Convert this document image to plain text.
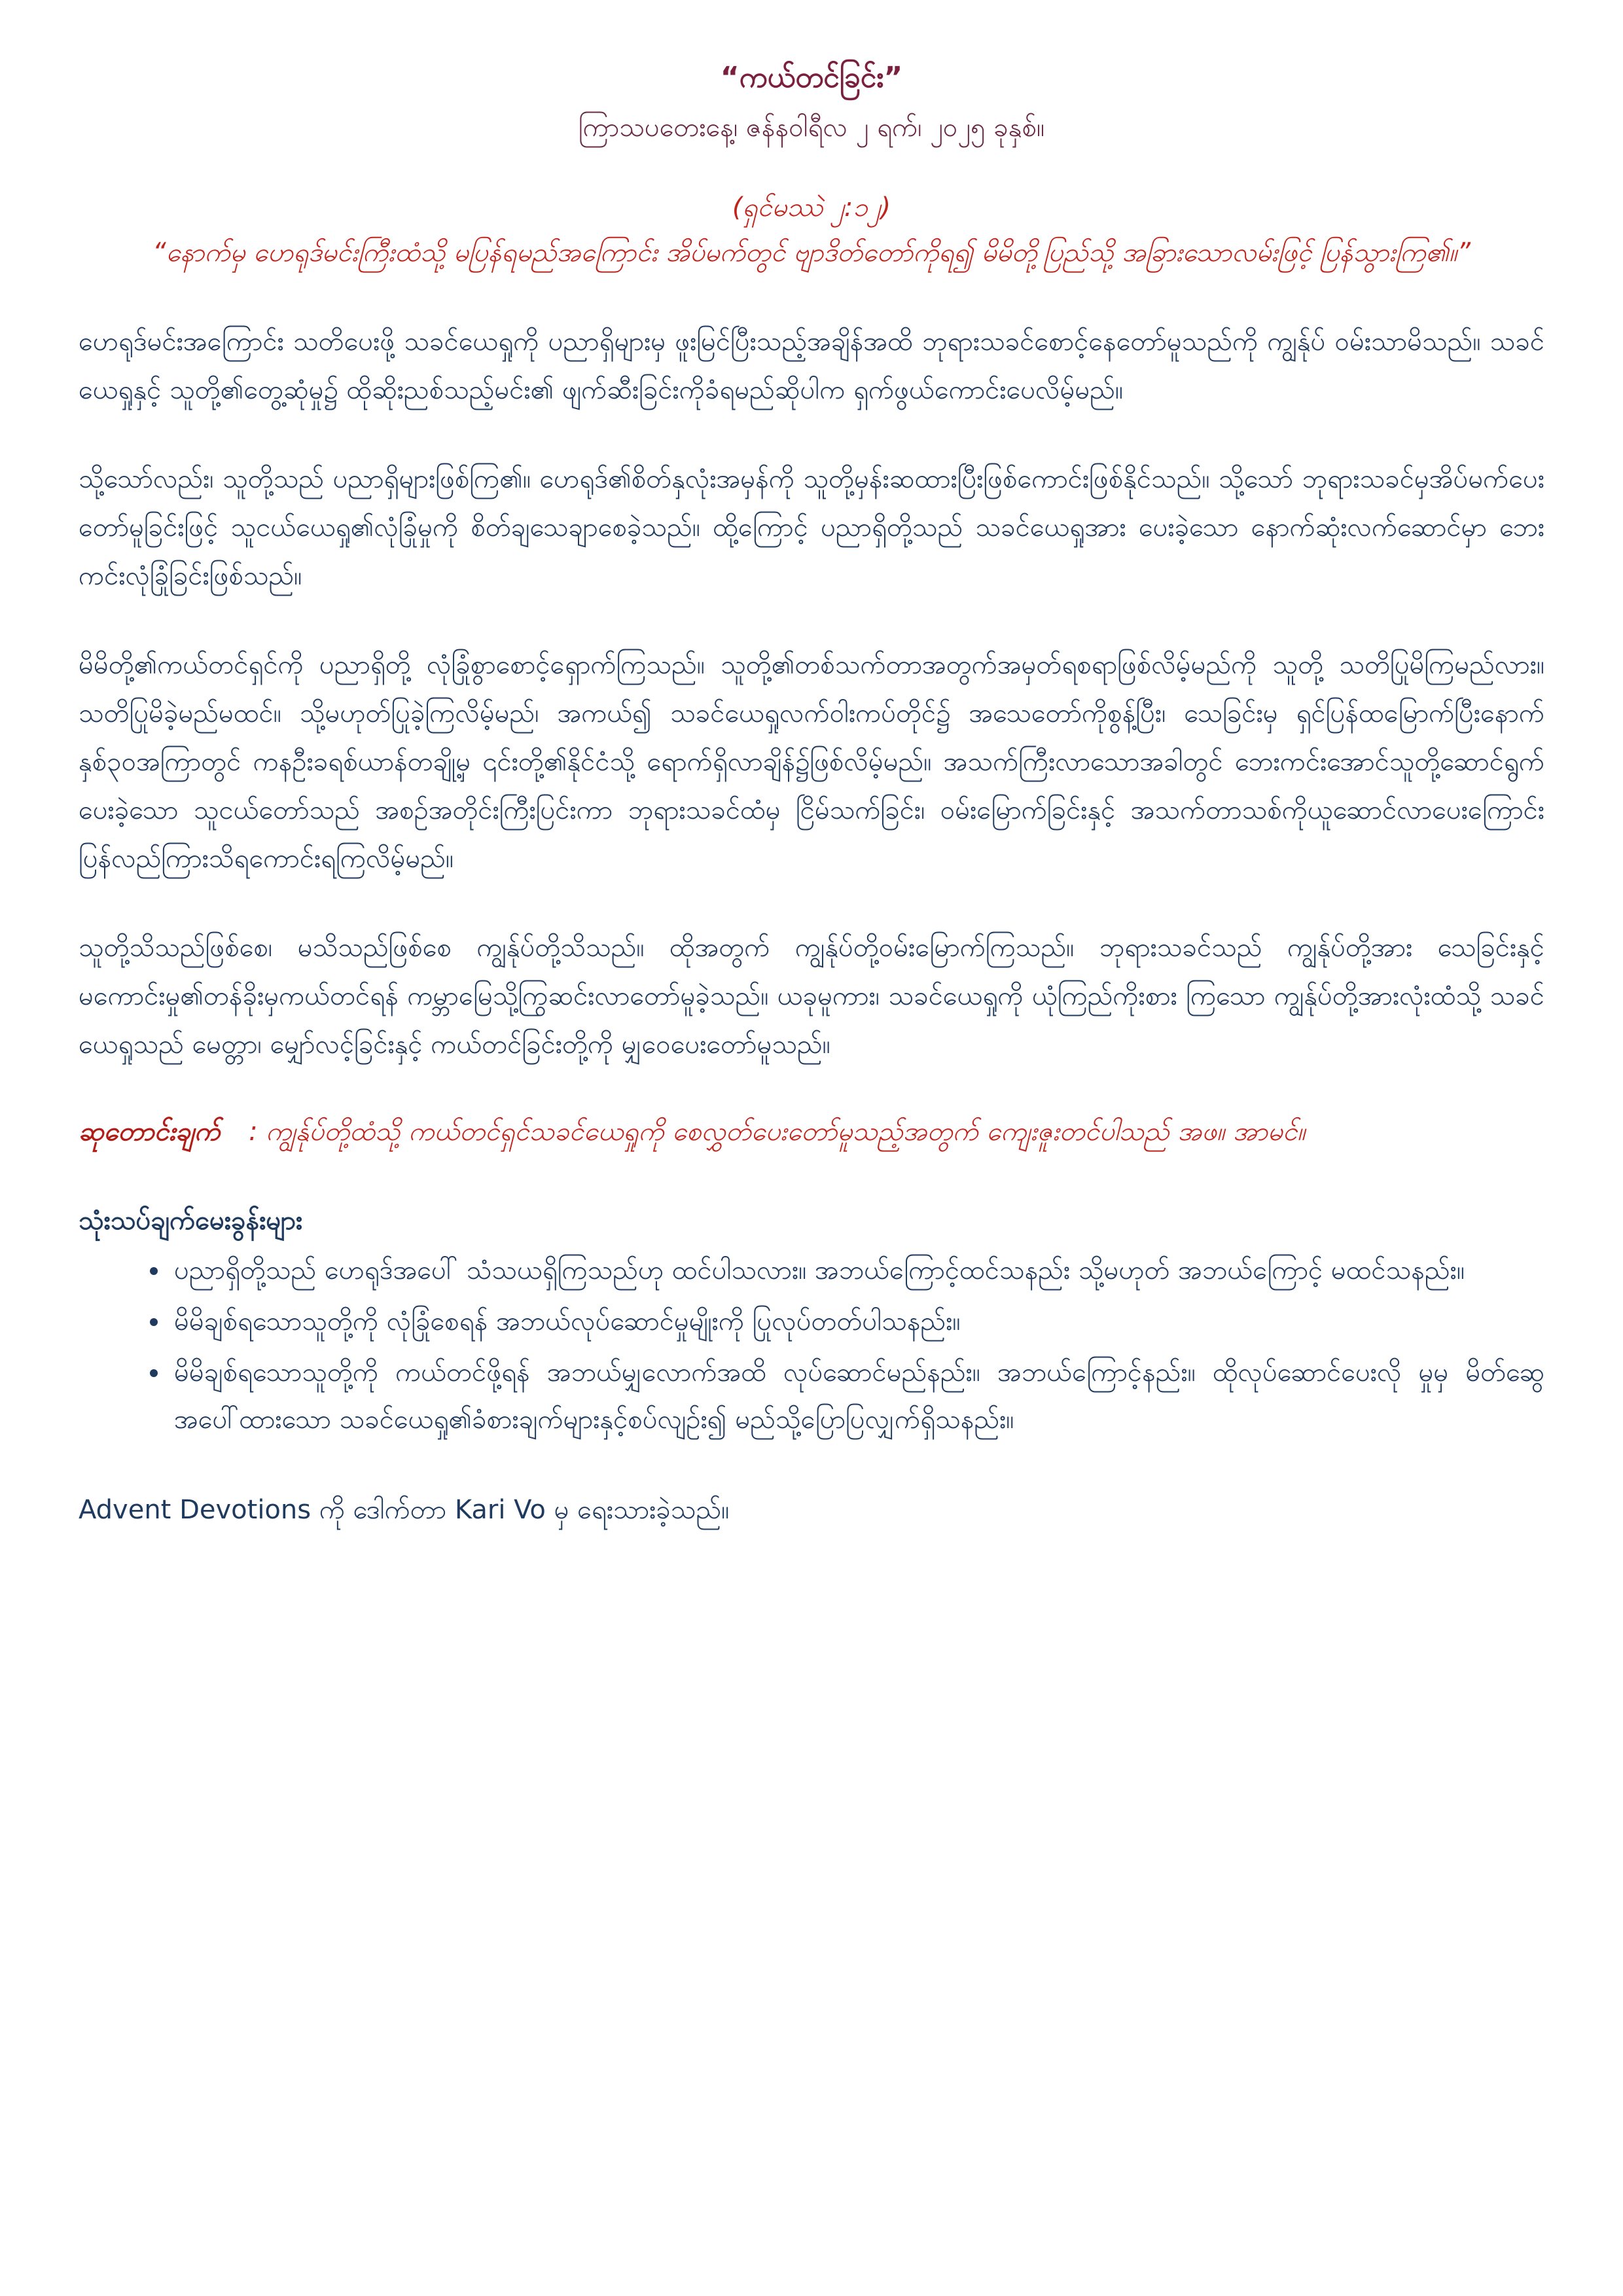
“ကယ်တင်ခြင်း”

ကြာသပတေးနေ့၊ ဇန်နဝါရီလ ၂ ရက်၊ ၂၀၂၅ ခုနှစ်။

(ရှင်မဿဲ ၂:၁၂)

“နောက်မှ ဟေရုဒ်မင်းကြီးထံသို့ မပြန်ရမည်အကြောင်း အိပ်မက်တွင် ဗျာဒိတ်တော်ကိုရ၍ မိမိတို့ပြည်သို့ အခြားသောလမ်းဖြင့် ပြန်သွားကြ၏။”

ဟေရုဒ်မင်းအကြောင်း သတိပေးဖို့ သခင်ယေရှုကို ပညာရှိများမှ ဖူးမြင်ပြီးသည့်အချိန်အထိ ဘုရားသခင်စောင့်နေတော်မူသည်ကို ကျွန်ုပ် ဝမ်းသာမိသည်။ သခင်ယေရှုနှင့် သူတို့၏တွေ့ဆုံမှု၌ ထိုဆိုးညစ်သည့်မင်း၏ ဖျက်ဆီးခြင်းကိုခံရမည်ဆိုပါက ရှက်ဖွယ်ကောင်းပေလိမ့်မည်။

သို့သော်လည်း၊ သူတို့သည် ပညာရှိများဖြစ်ကြ၏။ ဟေရုဒ်၏စိတ်နှလုံးအမှန်ကို သူတို့မှန်းဆထားပြီးဖြစ်ကောင်းဖြစ်နိုင်သည်။ သို့သော် ဘုရားသခင်မှအိပ်မက်ပေးတော်မူခြင်းဖြင့် သူငယ်ယေရှု၏လုံခြုံမှုကို စိတ်ချသေချာစေခဲ့သည်။ ထို့ကြောင့် ပညာရှိတို့သည် သခင်ယေရှုအား ပေးခဲ့သော နောက်ဆုံးလက်ဆောင်မှာ ဘေးကင်းလုံခြုံခြင်းဖြစ်သည်။

မိမိတို့၏ကယ်တင်ရှင်ကို ပညာရှိတို့ လုံခြုံစွာစောင့်ရှောက်ကြသည်။ သူတို့၏တစ်သက်တာအတွက်အမှတ်ရစရာဖြစ်လိမ့်မည်ကို သူတို့ သတိပြုမိကြမည်လား။ သတိပြုမိခဲ့မည်မထင်။ သို့မဟုတ်ပြုခဲ့ကြလိမ့်မည်၊ အကယ်၍ သခင်ယေရှုလက်ဝါးကပ်တိုင်၌ အသေတော်ကိုစွန့်ပြီး၊ သေခြင်းမှ ရှင်ပြန်ထမြောက်ပြီးနောက် နှစ်၃၀အကြာတွင် ကနဦးခရစ်ယာန်တချို့မှ ၎င်းတို့၏နိုင်ငံသို့ ရောက်ရှိလာချိန်၌ဖြစ်လိမ့်မည်။ အသက်ကြီးလာသောအခါတွင် ဘေးကင်းအောင်သူတို့ဆောင်ရွက်ပေးခဲ့သော သူငယ်တော်သည် အစဉ်အတိုင်းကြီးပြင်းကာ ဘုရားသခင်ထံမှ ငြိမ်သက်ခြင်း၊ ဝမ်းမြောက်ခြင်းနှင့် အသက်တာသစ်ကိုယူဆောင်လာပေးကြောင်း ပြန်လည်ကြားသိရကောင်းရကြလိမ့်မည်။

သူတို့သိသည်ဖြစ်စေ၊ မသိသည်ဖြစ်စေ ကျွန်ုပ်တို့သိသည်။ ထိုအတွက် ကျွန်ုပ်တို့ဝမ်းမြောက်ကြသည်။ ဘုရားသခင်သည် ကျွန်ုပ်တို့အား သေခြင်းနှင့် မကောင်းမှု၏တန်ခိုးမှကယ်တင်ရန် ကမ္ဘာမြေသို့ကြွဆင်းလာတော်မူခဲ့သည်။ ယခုမူကား၊ သခင်ယေရှုကို ယုံကြည်ကိုးစား ကြသော ကျွန်ုပ်တို့အားလုံးထံသို့ သခင်ယေရှုသည် မေတ္တာ၊ မျှော်လင့်ခြင်းနှင့် ကယ်တင်ခြင်းတို့ကို မျှဝေပေးတော်မူသည်။

ဆုတောင်းချက် : ကျွန်ုပ်တို့ထံသို့ ကယ်တင်ရှင်သခင်ယေရှုကို စေလွှတ်ပေးတော်မူသည့်အတွက် ကျေးဇူးတင်ပါသည် အဖ။ အာမင်။

သုံးသပ်ချက်မေးခွန်းများ
• ပညာရှိတို့သည် ဟေရုဒ်အပေါ် သံသယရှိကြသည်ဟု ထင်ပါသလား။ အဘယ်ကြောင့်ထင်သနည်း သို့မဟုတ် အဘယ်ကြောင့် မထင်သနည်း။
• မိမိချစ်ရသောသူတို့ကို လုံခြုံစေရန် အဘယ်လုပ်ဆောင်မှုမျိုးကို ပြုလုပ်တတ်ပါသနည်း။
• မိမိချစ်ရသောသူတို့ကို ကယ်တင်ဖို့ရန် အဘယ်မျှလောက်အထိ လုပ်ဆောင်မည်နည်း။ အဘယ်ကြောင့်နည်း။ ထိုလုပ်ဆောင်ပေးလို မှုမှ မိတ်ဆွေအပေါ်ထားသော သခင်ယေရှု၏ခံစားချက်များနှင့်စပ်လျဉ်း၍ မည်သို့ပြောပြလျှက်ရှိသနည်း။

Advent Devotions ကို ဒေါက်တာ Kari Vo မှ ရေးသားခဲ့သည်။
